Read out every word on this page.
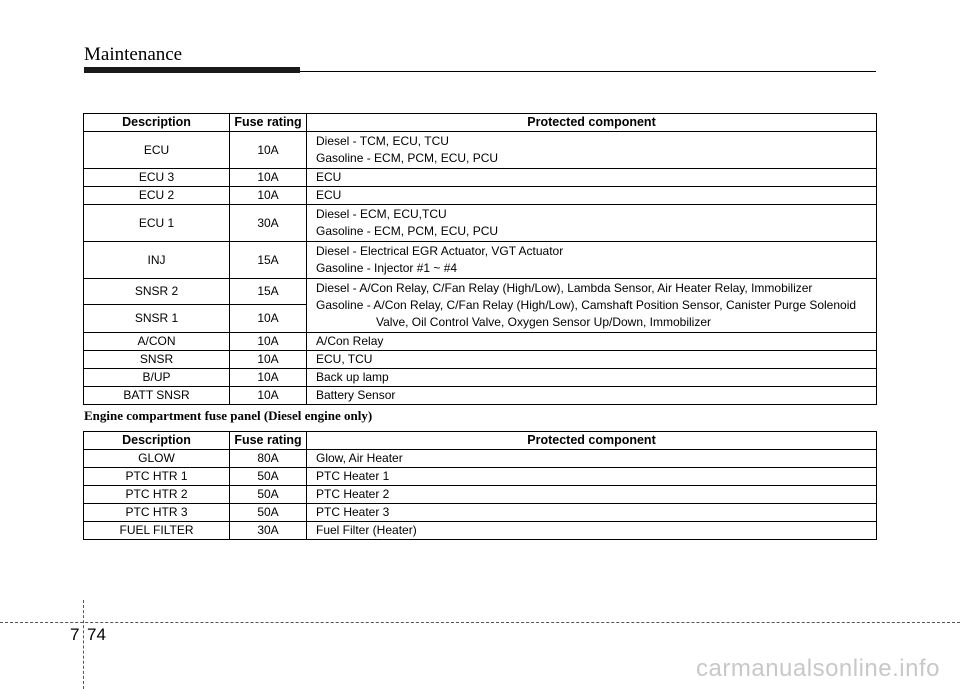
Maintenance
Description	Fuse rating	Protected component
ECU	10A	Diesel - TCM, ECU, TCU
Gasoline - ECM, PCM, ECU, PCU

ECU 3	10A	ECU
ECU 2	10A	ECU
ECU 1	30A	Diesel - ECM, ECU,TCU
Gasoline - ECM, PCM, ECU, PCU

INJ	15A	Diesel - Electrical EGR Actuator, VGT Actuator
Gasoline - Injector #1 ~ #4

SNSR 2	15A	Diesel - A/Con Relay, C/Fan Relay (High/Low), Lambda Sensor, Air Heater Relay, Immobilizer
Gasoline - A/Con Relay, C/Fan Relay (High/Low), Camshaft Position Sensor, Canister Purge Solenoid
Valve, Oil Control Valve, Oxygen Sensor Up/Down, Immobilizer

SNSR 1	10A	
A/CON	10A	A/Con Relay
SNSR	10A	ECU, TCU
B/UP	10A	Back up lamp
BATT SNSR	10A	Battery Sensor
Engine compartment fuse panel (Diesel engine only)
Description	Fuse rating	Protected component
GLOW	80A	Glow, Air Heater
PTC HTR 1	50A	PTC Heater 1
PTC HTR 2	50A	PTC Heater 2
PTC HTR 3	50A	PTC Heater 3
FUEL FILTER	30A	Fuel Filter (Heater)
7 74
carmanualsonline.info
